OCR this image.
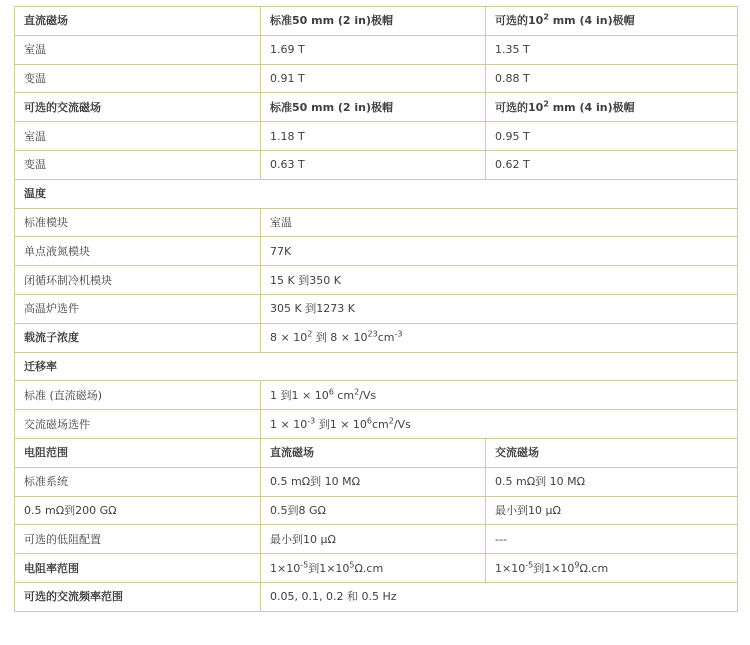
直流磁场	标准50 mm (2 in)极帽	可选的$10^2$ mm (4 in)极帽
室温	1.69 T	1.35 T
变温	0.91 T	0.88 T
可选的交流磁场	标准50 mm (2 in)极帽	可选的$10^2$ mm (4 in)极帽
室温	1.18 T	0.95 T
变温	0.63 T	0.62 T
温度		
标准模块	室温	
单点液氮模块	77K	
闭循环制冷机模块	15 K 到350 K	
高温炉选件	305 K 到1273 K	
载流子浓度	$8 \times 10^2$ 到 $8 \times 10^{23}cm^{-3}$
迁移率		
标准 (直流磁场)	1 到$1 \times 10^6$ $cm^2/Vs$	
交流磁场选件	$1 \times 10^{-3}$ 到$1 \times 10^6cm^2/Vs$	
电阻范围	直流磁场	交流磁场
标准系统	0.5 mΩ到 10 MΩ	0.5 mΩ到 10 MΩ
0.5 mΩ到200 GΩ	0.5到8 GΩ	最小到10 μΩ
可选的低阻配置	最小到10 μΩ	---
电阻率范围	$1\times 10^{-5}$到$1\times 10^5\Omega.cm$	$1\times 10^{-5}$到$1\times 10^9\Omega.cm$
可选的交流频率范围	0.05, 0.1, 0.2 和 0.5 Hz	
